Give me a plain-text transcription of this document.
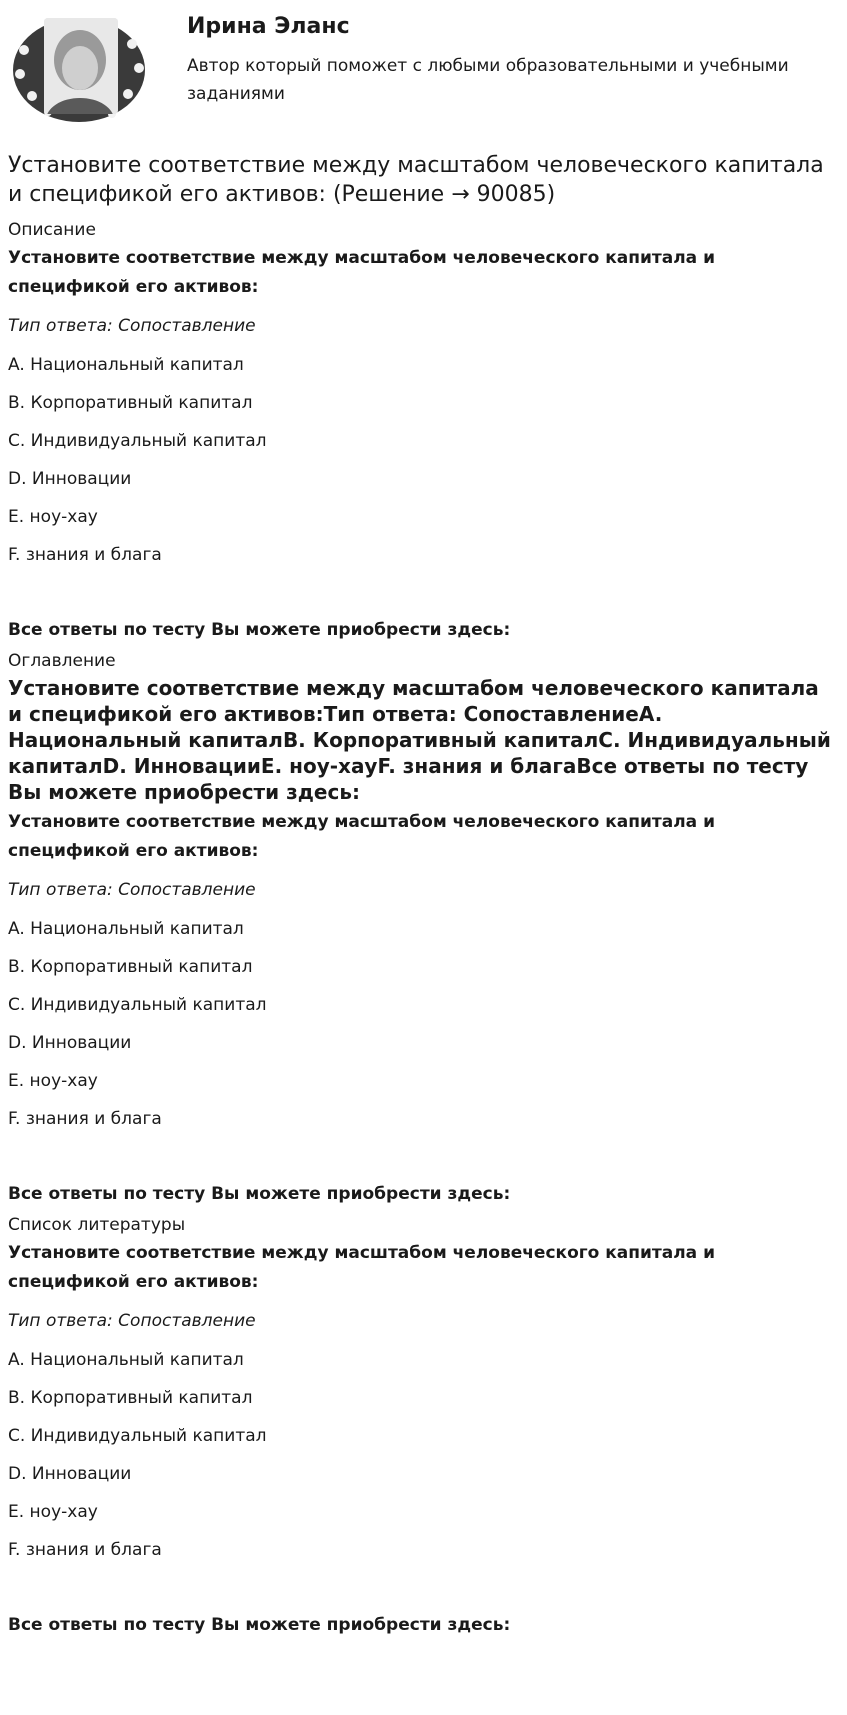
Ирина Эланс
Автор который поможет с любыми образовательными и учебными заданиями
Установите соответствие между масштабом человеческого капитала и спецификой его активов: (Решение → 90085)
Описание
Установите соответствие между масштабом человеческого капитала и спецификой его активов:
Тип ответа: Сопоставление
A. Национальный капитал
B. Корпоративный капитал
C. Индивидуальный капитал
D. Инновации
E. ноу-хау
F. знания и блага
Все ответы по тесту Вы можете приобрести здесь:
Оглавление
Установите соответствие между масштабом человеческого капитала и спецификой его активов:Тип ответа: СопоставлениеA. Национальный капиталB. Корпоративный капиталC. Индивидуальный капиталD. ИнновацииE. ноу-хауF. знания и благаВсе ответы по тесту Вы можете приобрести здесь:
Установите соответствие между масштабом человеческого капитала и спецификой его активов:
Тип ответа: Сопоставление
A. Национальный капитал
B. Корпоративный капитал
C. Индивидуальный капитал
D. Инновации
E. ноу-хау
F. знания и блага
Все ответы по тесту Вы можете приобрести здесь:
Список литературы
Установите соответствие между масштабом человеческого капитала и спецификой его активов:
Тип ответа: Сопоставление
A. Национальный капитал
B. Корпоративный капитал
C. Индивидуальный капитал
D. Инновации
E. ноу-хау
F. знания и блага
Все ответы по тесту Вы можете приобрести здесь:
